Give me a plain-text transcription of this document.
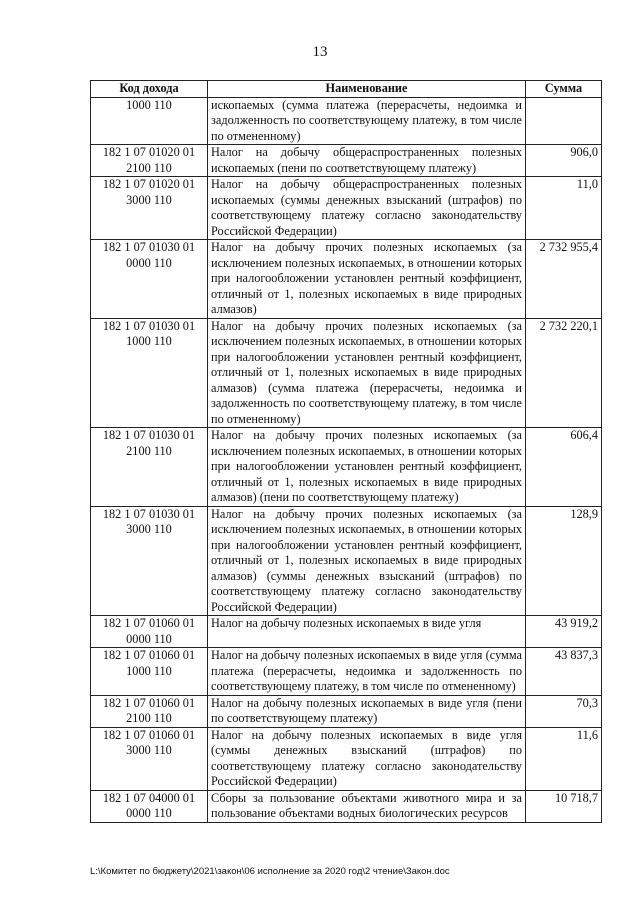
13
Код дохода	Наименование	Сумма
1000 110	ископаемых (сумма платежа (перерасчеты, недоимка и задолженность по соответствующему платежу, в том числе по отмененному)	
182 1 07 01020 01
2100 110	Налог на добычу общераспространенных полезных ископаемых (пени по соответствующему платежу)	906,0
182 1 07 01020 01
3000 110	Налог на добычу общераспространенных полезных ископаемых (суммы денежных взысканий (штрафов) по соответствующему платежу согласно законодательству Российской Федерации)	11,0
182 1 07 01030 01
0000 110	Налог на добычу прочих полезных ископаемых (за исключением полезных ископаемых, в отношении которых при налогообложении установлен рентный коэффициент, отличный от 1, полезных ископаемых в виде природных алмазов)	2 732 955,4
182 1 07 01030 01
1000 110	Налог на добычу прочих полезных ископаемых (за исключением полезных ископаемых, в отношении которых при налогообложении установлен рентный коэффициент, отличный от 1, полезных ископаемых в виде природных алмазов) (сумма платежа (перерасчеты, недоимка и задолженность по соответствующему платежу, в том числе по отмененному)	2 732 220,1
182 1 07 01030 01
2100 110	Налог на добычу прочих полезных ископаемых (за исключением полезных ископаемых, в отношении которых при налогообложении установлен рентный коэффициент, отличный от 1, полезных ископаемых в виде природных алмазов) (пени по соответствующему платежу)	606,4
182 1 07 01030 01
3000 110	Налог на добычу прочих полезных ископаемых (за исключением полезных ископаемых, в отношении которых при налогообложении установлен рентный коэффициент, отличный от 1, полезных ископаемых в виде природных алмазов) (суммы денежных взысканий (штрафов) по соответствующему платежу согласно законодательству Российской Федерации)	128,9
182 1 07 01060 01
0000 110	Налог на добычу полезных ископаемых в виде угля	43 919,2
182 1 07 01060 01
1000 110	Налог на добычу полезных ископаемых в виде угля (сумма платежа (перерасчеты, недоимка и задолженность по соответствующему платежу, в том числе по отмененному)	43 837,3
182 1 07 01060 01
2100 110	Налог на добычу полезных ископаемых в виде угля (пени по соответствующему платежу)	70,3
182 1 07 01060 01
3000 110	Налог на добычу полезных ископаемых в виде угля (суммы денежных взысканий (штрафов) по соответствующему платежу согласно законодательству Российской Федерации)	11,6
182 1 07 04000 01
0000 110	Сборы за пользование объектами животного мира и за пользование объектами водных биологических ресурсов	10 718,7
L:\Комитет по бюджету\2021\закон\06 исполнение за 2020 год\2 чтение\Закон.doc
